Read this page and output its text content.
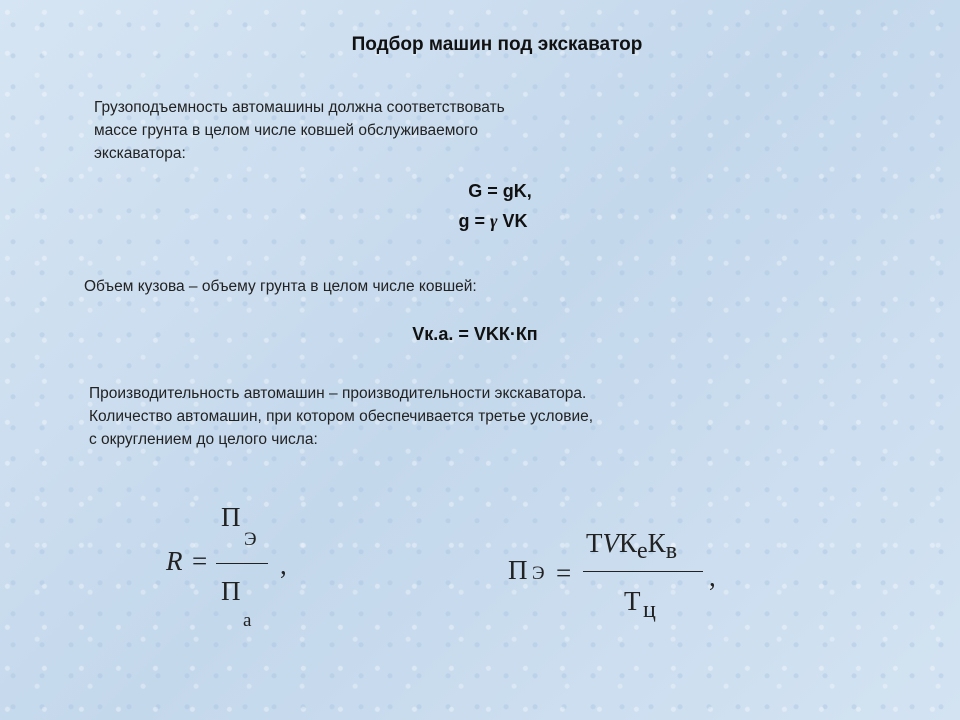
Подбор машин под экскаватор

Грузоподъемность автомашины должна соответствовать
массе грунта в целом числе ковшей обслуживаемого
экскаватора:

G = gK,
g = γ VK

Объем кузова – объему грунта в целом числе ковшей:

Vк.а. = VKК·Кп

Производительность автомашин – производительности экскаватора.
Количество автомашин, при котором обеспечивается третье условие,
с округлением до целого числа:

R =
П
Э
П
а
,	П Э =
ТVКеКв
Т ц
,
